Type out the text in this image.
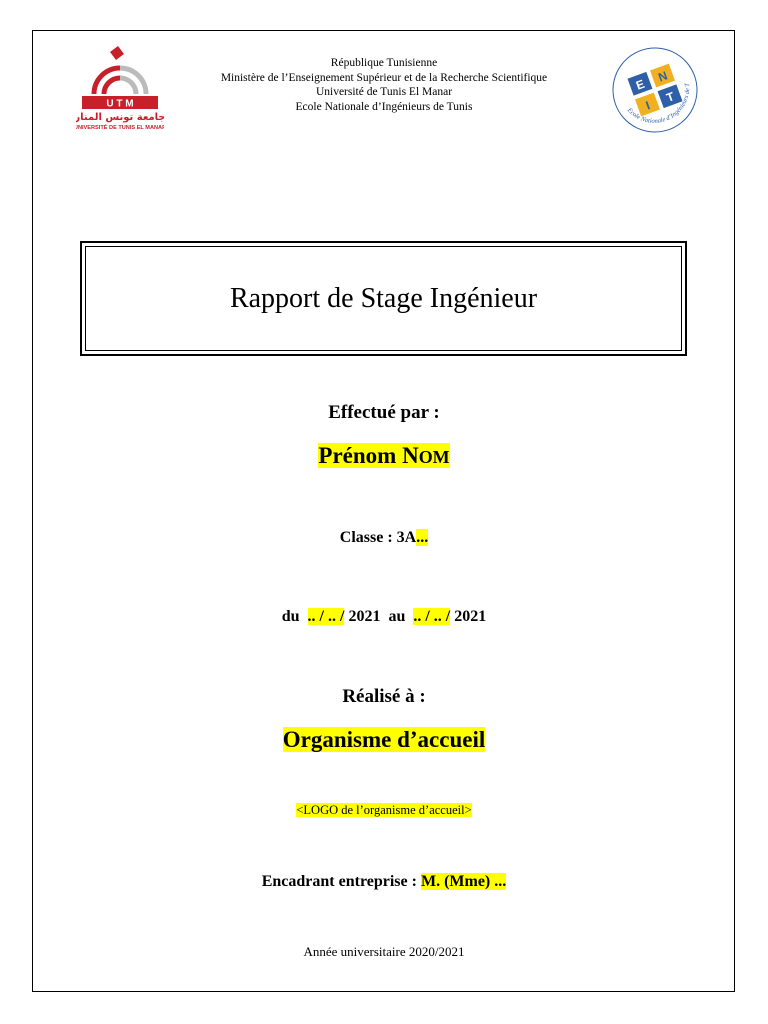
U T M
جامعة تونس المنار
UNIVERSITÉ DE TUNIS EL MANAR
E
N
I
T
Ecole Nationale d’Ingénieurs de Tunis
République Tunisienne
Ministère de l’Enseignement Supérieur et de la Recherche Scientifique
Université de Tunis El Manar
Ecole Nationale d’Ingénieurs de Tunis
Rapport de Stage Ingénieur
Effectué par :
Prénom NOM
Classe : 3A...
du .. / .. / 2021 au .. / .. / 2021
Réalisé à :
Organisme d’accueil
<LOGO de l’organisme d’accueil>
Encadrant entreprise : M. (Mme) ...
Année universitaire 2020/2021
